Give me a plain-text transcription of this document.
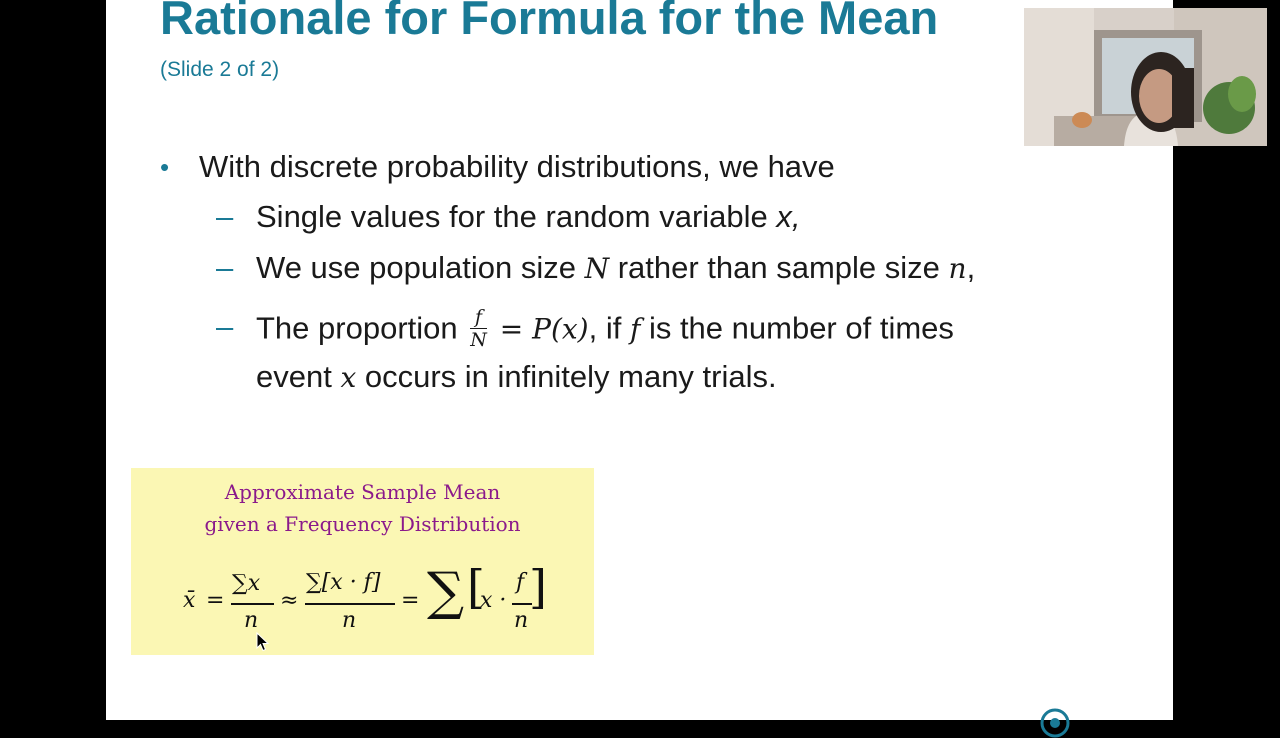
Rationale for Formula for the Mean
(Slide 2 of 2)
• With discrete probability distributions, we have
– Single values for the random variable x,
– We use population size N rather than sample size n,
– The proportion $\frac{f}{N} = P(x)$, if f is the number of times
event x occurs in infinitely many trials.
Approximate Sample Mean
given a Frequency Distribution
x̄ =
∑x
n
≈
∑[x · f]
n
= ∑ [
x ·
f
n
]
